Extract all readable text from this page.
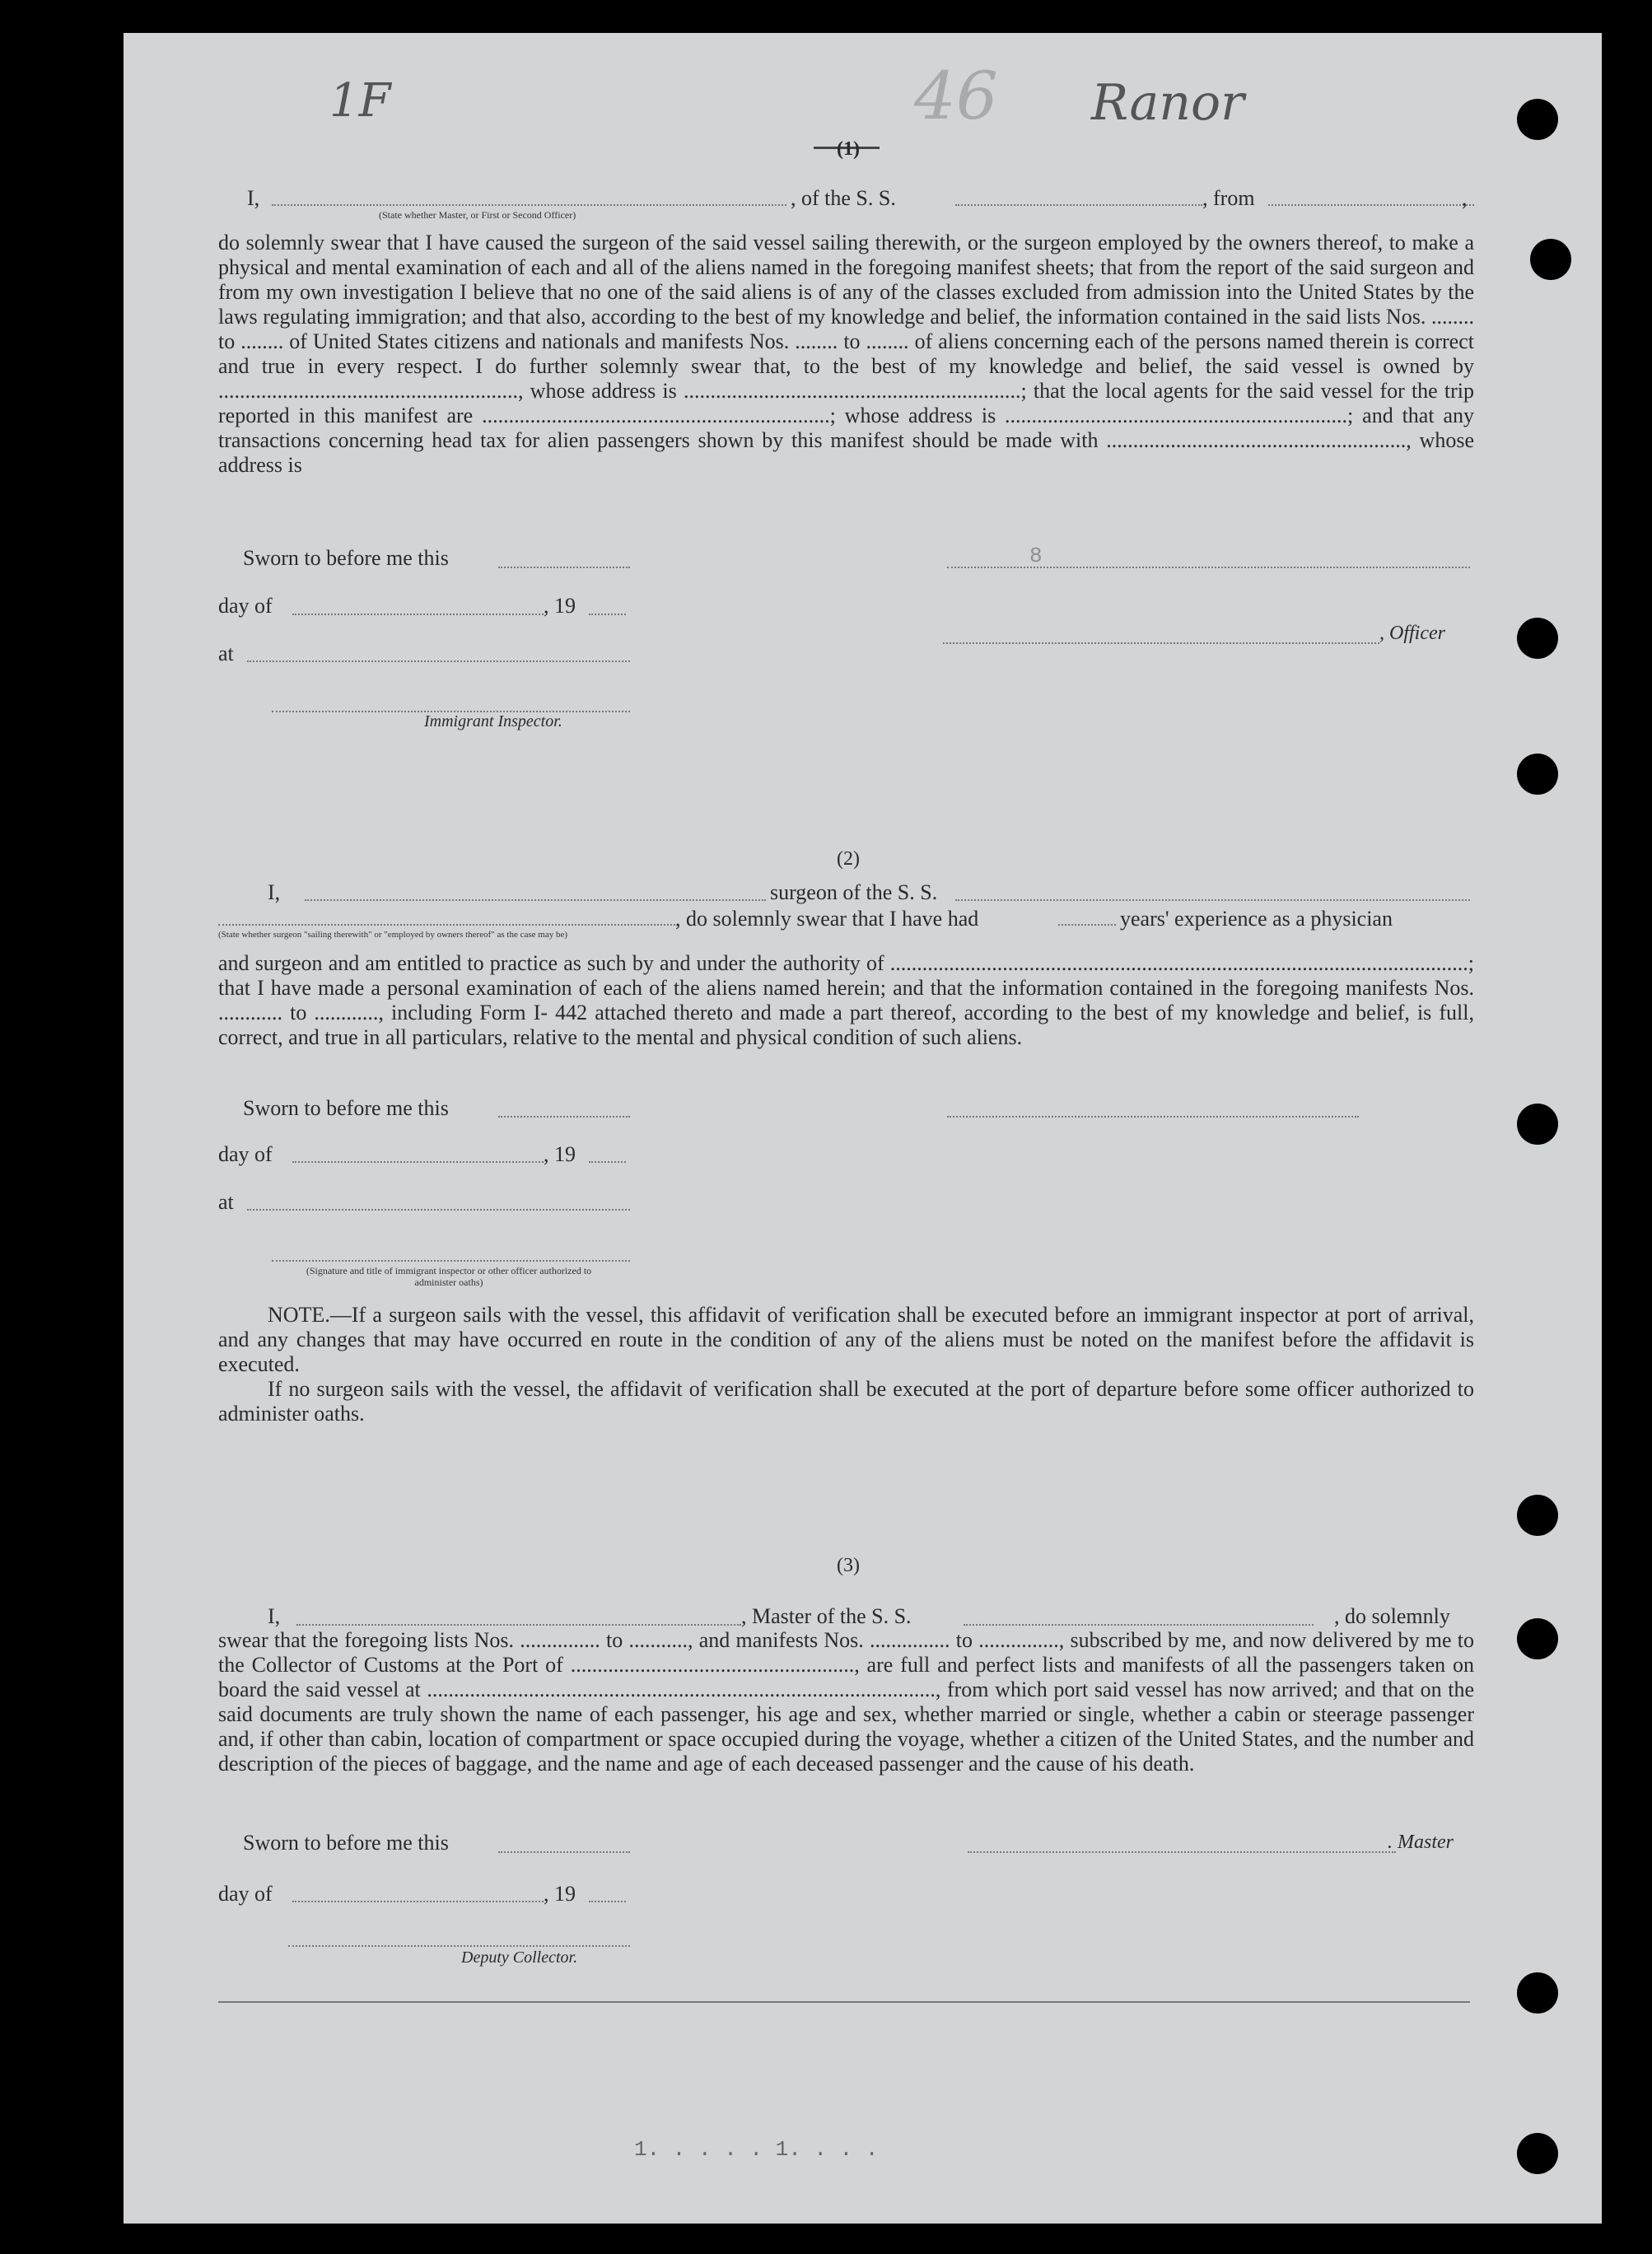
1F	46 Ranor
8
(1)
I,	, of the S. S.	, from	,
(State whether Master, or First or Second Officer)
do solemnly swear that I have caused the surgeon of the said vessel sailing therewith, or the surgeon employed by the owners thereof, to make a physical and mental examination of each and all of the aliens named in the foregoing manifest sheets; that from the report of the said surgeon and from my own investigation I believe that no one of the said aliens is of any of the classes excluded from admission into the United States by the laws regulating immigration; and that also, according to the best of my knowledge and belief, the information contained in the said lists Nos. ........ to ........ of United States citizens and nationals and manifests Nos. ........ to ........ of aliens concerning each of the persons named therein is correct and true in every respect. I do further solemnly swear that, to the best of my knowledge and belief, the said vessel is owned by ........................................................, whose address is ...............................................................; that the local agents for the said vessel for the trip reported in this manifest are .................................................................; whose address is ................................................................; and that any transactions concerning head tax for alien passengers shown by this manifest should be made with ........................................................, whose address is
Sworn to before me this
day of	, 19
, Officer
at
Immigrant Inspector.
(2)
I,	surgeon of the S. S.
, do solemnly swear that I have had	years' experience as a physician
(State whether surgeon "sailing therewith" or "employed by owners thereof" as the case may be)
and surgeon and am entitled to practice as such by and under the authority of ............................................................................................................; that I have made a personal examination of each of the aliens named herein; and that the information contained in the foregoing manifests Nos. ............ to ............, including Form I- 442 attached thereto and made a part thereof, according to the best of my knowledge and belief, is full, correct, and true in all particulars, relative to the mental and physical condition of such aliens.
Sworn to before me this
day of	, 19
at
(Signature and title of immigrant inspector or other officer authorized to administer oaths)
NOTE.—If a surgeon sails with the vessel, this affidavit of verification shall be executed before an immigrant inspector at port of arrival, and any changes that may have occurred en route in the condition of any of the aliens must be noted on the manifest before the affidavit is executed.
If no surgeon sails with the vessel, the affidavit of verification shall be executed at the port of departure before some officer authorized to administer oaths.
(3)
I,	, Master of the S. S.	, do solemnly
swear that the foregoing lists Nos. ............... to ..........., and manifests Nos. ............... to ..............., subscribed by me, and now delivered by me to the Collector of Customs at the Port of ....................................................., are full and perfect lists and manifests of all the passengers taken on board the said vessel at ..............................................................................................., from which port said vessel has now arrived; and that on the said documents are truly shown the name of each passenger, his age and sex, whether married or single, whether a cabin or steerage passenger and, if other than cabin, location of compartment or space occupied during the voyage, whether a citizen of the United States, and the number and description of the pieces of baggage, and the name and age of each deceased passenger and the cause of his death.
Sworn to before me this	. Master
day of	, 19
Deputy Collector.
1. . . . . 1. . . .
